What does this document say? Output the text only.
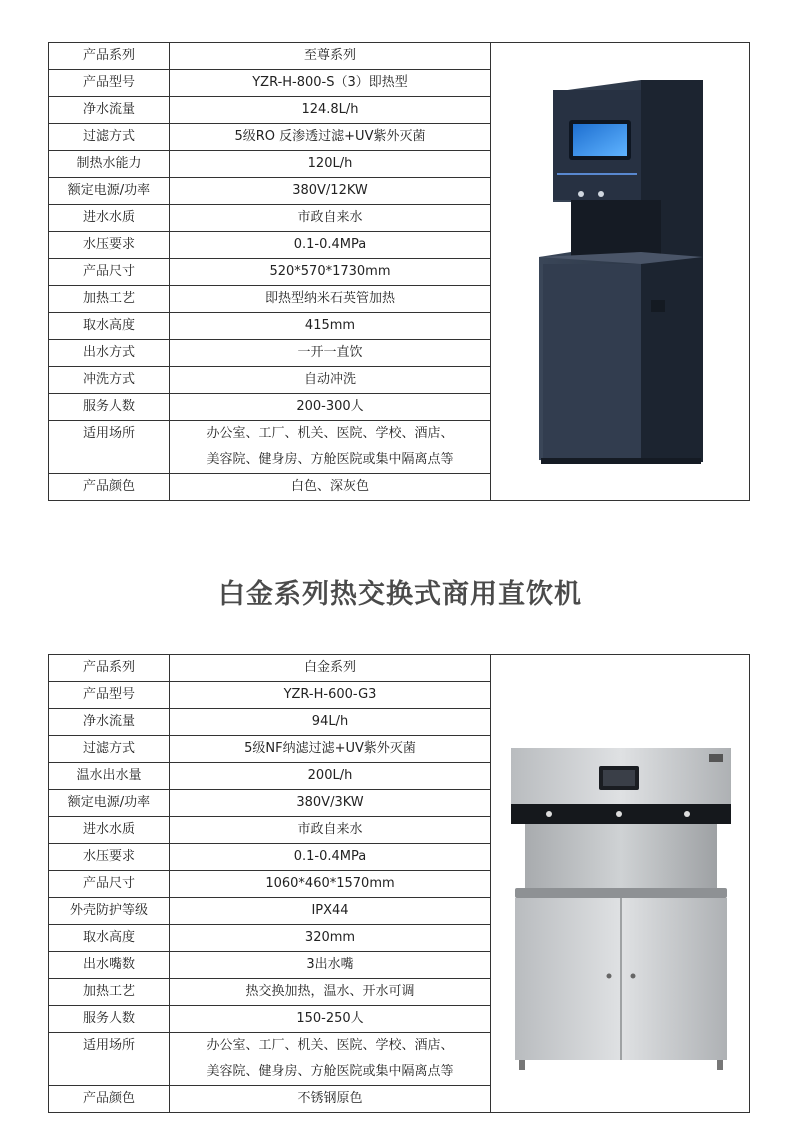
产品系列	至尊系列	

产品型号	YZR-H-800-S（3）即热型	
净水流量	124.8L/h	
过滤方式	5级RO 反渗透过滤+UV紫外灭菌	
制热水能力	120L/h	
额定电源/功率	380V/12KW	
进水水质	市政自来水	
水压要求	0.1-0.4MPa	
产品尺寸	520*570*1730mm	
加热工艺	即热型纳米石英管加热	
取水高度	415mm	
出水方式	一开一直饮	
冲洗方式	自动冲洗	
服务人数	200-300人	
适用场所	办公室、工厂、机关、医院、学校、酒店、
美容院、健身房、方舱医院或集中隔离点等	

产品颜色	白色、深灰色	
白金系列热交换式商用直饮机
产品系列	白金系列	

产品型号	YZR-H-600-G3	
净水流量	94L/h	
过滤方式	5级NF纳滤过滤+UV紫外灭菌	
温水出水量	200L/h	
额定电源/功率	380V/3KW	
进水水质	市政自来水	
水压要求	0.1-0.4MPa	
产品尺寸	1060*460*1570mm	
外壳防护等级	IPX44	
取水高度	320mm	
出水嘴数	3出水嘴	
加热工艺	热交换加热，温水、开水可调	
服务人数	150-250人	
适用场所	办公室、工厂、机关、医院、学校、酒店、
美容院、健身房、方舱医院或集中隔离点等	

产品颜色	不锈钢原色	
